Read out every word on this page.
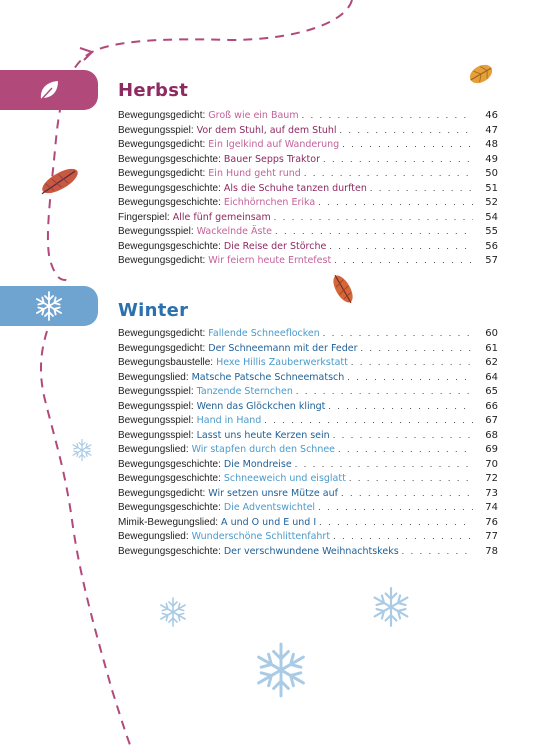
Herbst
Winter
Bewegungsgedicht : Groß wie ein Baum . . .	46
Bewegungsspiel : Vor dem Stuhl, auf dem Stuhl . . .	47
Bewegungsgedicht : Ein Igelkind auf Wanderung . . .	48
Bewegungsgeschichte : Bauer Sepps Traktor . . .	49
Bewegungsgedicht : Ein Hund geht rund . . .	50
Bewegungsgeschichte : Als die Schuhe tanzen durften . . .	51
Bewegungsgeschichte : Eichhörnchen Erika . . .	52
Fingerspiel : Alle fünf gemeinsam . . .	54
Bewegungsspiel : Wackelnde Äste . . .	55
Bewegungsgeschichte : Die Reise der Störche . . .	56
Bewegungsgedicht : Wir feiern heute Erntefest . . .	57
Bewegungsgedicht : Fallende Schneeflocken . . .	60
Bewegungsgedicht : Der Schneemann mit der Feder . . .	61
Bewegungsbaustelle : Hexe Hillis Zauberwerkstatt . . .	62
Bewegungslied : Matsche Patsche Schneematsch . . .	64
Bewegungsspiel : Tanzende Sternchen . . .	65
Bewegungsspiel : Wenn das Glöckchen klingt . . .	66
Bewegungsspiel : Hand in Hand . . .	67
Bewegungsspiel : Lasst uns heute Kerzen sein . . .	68
Bewegungslied : Wir stapfen durch den Schnee . . .	69
Bewegungsgeschichte : Die Mondreise . . .	70
Bewegungsgeschichte : Schneeweich und eisglatt . . .	72
Bewegungsgedicht : Wir setzen unsre Mütze auf . . .	73
Bewegungsgeschichte : Die Adventswichtel . . .	74
Mimik-Bewegungslied : A und O und E und I . . .	76
Bewegungslied : Wunderschöne Schlittenfahrt . . .	77
Bewegungsgeschichte : Der verschwundene Weihnachtskeks . . .	78
